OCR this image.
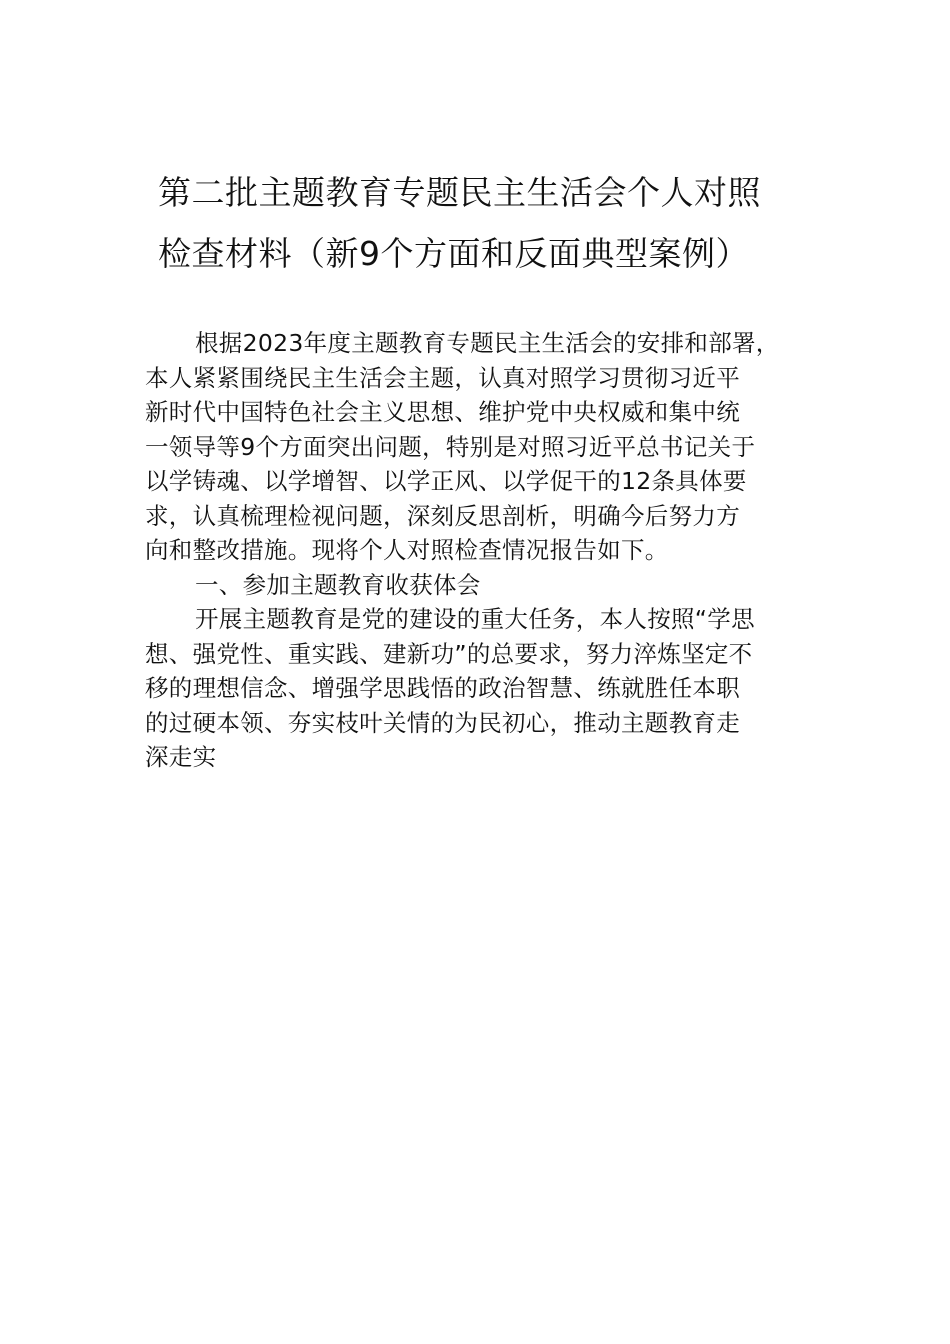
第二批主题教育专题民主生活会个人对照
检查材料（新9个方面和反面典型案例）
根据2023年度主题教育专题民主生活会的安排和部署，
本人紧紧围绕民主生活会主题，认真对照学习贯彻习近平
新时代中国特色社会主义思想、维护党中央权威和集中统
一领导等9个方面突出问题，特别是对照习近平总书记关于
以学铸魂、以学增智、以学正风、以学促干的12条具体要
求，认真梳理检视问题，深刻反思剖析，明确今后努力方
向和整改措施。现将个人对照检查情况报告如下。
一、参加主题教育收获体会
开展主题教育是党的建设的重大任务，本人按照“学思
想、强党性、重实践、建新功”的总要求，努力淬炼坚定不
移的理想信念、增强学思践悟的政治智慧、练就胜任本职
的过硬本领、夯实枝叶关情的为民初心，推动主题教育走
深走实
